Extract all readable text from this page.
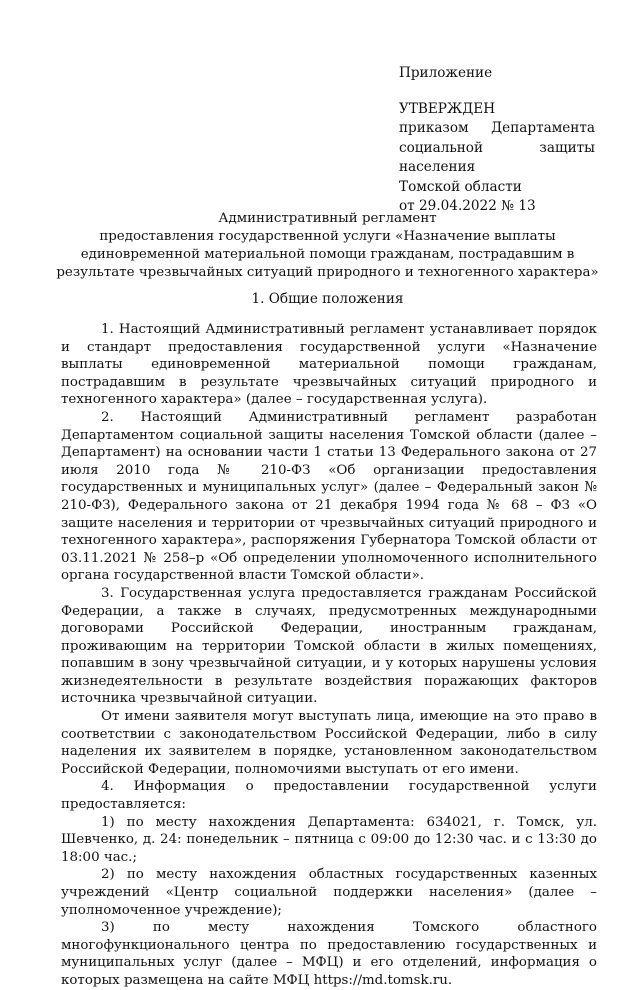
Приложение
УТВЕРЖДЕН
приказом Департамента
социальной защиты населения
Томской области
от 29.04.2022 № 13
Административный регламент
предоставления государственной услуги «Назначение выплаты единовременной материальной помощи гражданам, пострадавшим в результате чрезвычайных ситуаций природного и техногенного характера»
1. Общие положения

1. Настоящий Административный регламент устанавливает порядок и стандарт предоставления государственной услуги «Назначение выплаты единовременной материальной помощи гражданам, пострадавшим в результате чрезвычайных ситуаций природного и техногенного характера» (далее – государственная услуга).

2. Настоящий Административный регламент разработан Департаментом социальной защиты населения Томской области (далее – Департамент) на основании части 1 статьи 13 Федерального закона от 27 июля 2010 года № 210-ФЗ «Об организации предоставления государственных и муниципальных услуг» (далее – Федеральный закон № 210-ФЗ), Федерального закона от 21 декабря 1994 года № 68 – ФЗ «О защите населения и территории от чрезвычайных ситуаций природного и техногенного характера», распоряжения Губернатора Томской области от 03.11.2021 № 258–р «Об определении уполномоченного исполнительного органа государственной власти Томской области».

3. Государственная услуга предоставляется гражданам Российской Федерации, а также в случаях, предусмотренных международными договорами Российской Федерации, иностранным гражданам, проживающим на территории Томской области в жилых помещениях, попавшим в зону чрезвычайной ситуации, и у которых нарушены условия жизнедеятельности в результате воздействия поражающих факторов источника чрезвычайной ситуации.

От имени заявителя могут выступать лица, имеющие на это право в соответствии с законодательством Российской Федерации, либо в силу наделения их заявителем в порядке, установленном законодательством Российской Федерации, полномочиями выступать от его имени.

4. Информация о предоставлении государственной услуги предоставляется:

1) по месту нахождения Департамента: 634021, г. Томск, ул. Шевченко, д. 24: понедельник – пятница с 09:00 до 12:30 час. и с 13:30 до 18:00 час.;

2) по месту нахождения областных государственных казенных учреждений «Центр социальной поддержки населения» (далее – уполномоченное учреждение);

3) по месту нахождения Томского областного многофункционального центра по предоставлению государственных и муниципальных услуг (далее – МФЦ) и его отделений, информация о которых размещена на сайте МФЦ https://md.tomsk.ru.
